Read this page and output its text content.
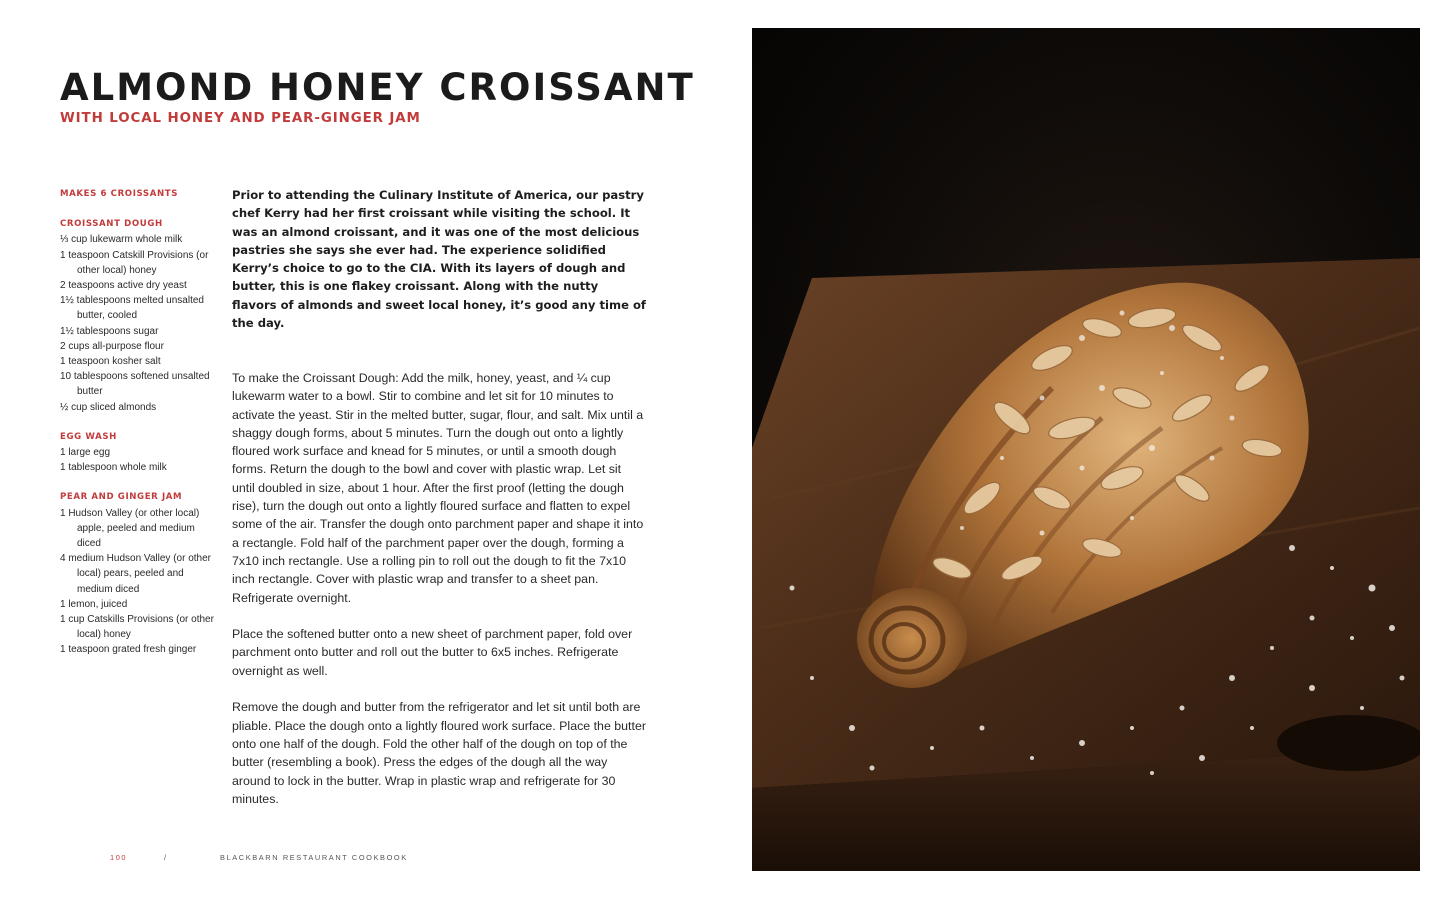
ALMOND HONEY CROISSANT
WITH LOCAL HONEY AND PEAR-GINGER JAM
MAKES 6 CROISSANTS
CROISSANT DOUGH
⅓ cup lukewarm whole milk
1 teaspoon Catskill Provisions (or other local) honey
2 teaspoons active dry yeast
1½ tablespoons melted unsalted butter, cooled
1½ tablespoons sugar
2 cups all-purpose flour
1 teaspoon kosher salt
10 tablespoons softened unsalted butter
½ cup sliced almonds
EGG WASH
1 large egg
1 tablespoon whole milk
PEAR AND GINGER JAM
1 Hudson Valley (or other local) apple, peeled and medium diced
4 medium Hudson Valley (or other local) pears, peeled and medium diced
1 lemon, juiced
1 cup Catskills Provisions (or other local) honey
1 teaspoon grated fresh ginger

Prior to attending the Culinary Institute of America, our pastry chef Kerry had her first croissant while visiting the school. It was an almond croissant, and it was one of the most delicious pastries she says she ever had. The experience solidified Kerry’s choice to go to the CIA. With its layers of dough and butter, this is one flakey croissant. Along with the nutty flavors of almonds and sweet local honey, it’s good any time of the day.

To make the Croissant Dough: Add the milk, honey, yeast, and ¼ cup lukewarm water to a bowl. Stir to combine and let sit for 10 minutes to activate the yeast. Stir in the melted butter, sugar, flour, and salt. Mix until a shaggy dough forms, about 5 minutes. Turn the dough out onto a lightly floured work surface and knead for 5 minutes, or until a smooth dough forms. Return the dough to the bowl and cover with plastic wrap. Let sit until doubled in size, about 1 hour. After the first proof (letting the dough rise), turn the dough out onto a lightly floured surface and flatten to expel some of the air. Transfer the dough onto parchment paper and shape it into a rectangle. Fold half of the parchment paper over the dough, forming a 7x10 inch rectangle. Use a rolling pin to roll out the dough to fit the 7x10 inch rectangle. Cover with plastic wrap and transfer to a sheet pan. Refrigerate overnight.

Place the softened butter onto a new sheet of parchment paper, fold over parchment onto butter and roll out the butter to 6x5 inches. Refrigerate overnight as well.

Remove the dough and butter from the refrigerator and let sit until both are pliable. Place the dough onto a lightly floured work surface. Place the butter onto one half of the dough. Fold the other half of the dough on top of the butter (resembling a book). Press the edges of the dough all the way around to lock in the butter. Wrap in plastic wrap and refrigerate for 30 minutes.

100	/	BLACKBARN RESTAURANT COOKBOOK
